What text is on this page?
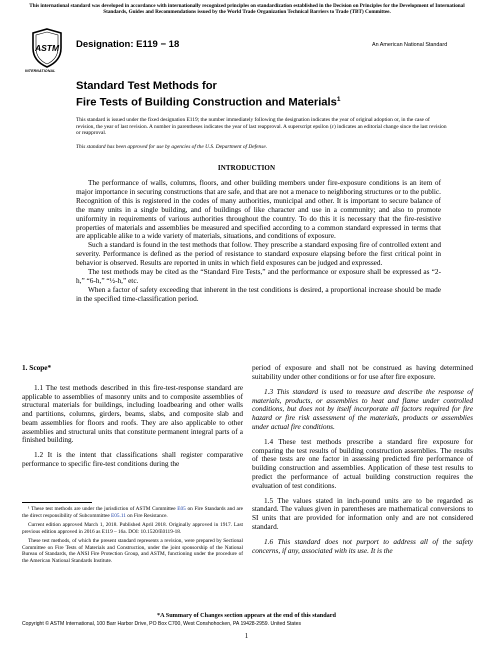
This international standard was developed in accordance with internationally recognized principles on standardization established in the Decision on Principles for the Development of International Standards, Guides and Recommendations issued by the World Trade Organization Technical Barriers to Trade (TBT) Committee.
ASTM
INTERNATIONAL
Designation: E119 − 18	An American National Standard
Standard Test Methods for
Fire Tests of Building Construction and Materials$^1$
This standard is issued under the fixed designation E119; the number immediately following the designation indicates the year of original adoption or, in the case of revision, the year of last revision. A number in parentheses indicates the year of last reapproval. A superscript epsilon (ε) indicates an editorial change since the last revision or reapproval.
This standard has been approved for use by agencies of the U.S. Department of Defense.
INTRODUCTION

The performance of walls, columns, floors, and other building members under fire-exposure conditions is an item of major importance in securing constructions that are safe, and that are not a menace to neighboring structures or to the public. Recognition of this is registered in the codes of many authorities, municipal and other. It is important to secure balance of the many units in a single building, and of buildings of like character and use in a community; and also to promote uniformity in requirements of various authorities throughout the country. To do this it is necessary that the fire-resistive properties of materials and assemblies be measured and specified according to a common standard expressed in terms that are applicable alike to a wide variety of materials, situations, and conditions of exposure.

Such a standard is found in the test methods that follow. They prescribe a standard exposing fire of controlled extent and severity. Performance is defined as the period of resistance to standard exposure elapsing before the first critical point in behavior is observed. Results are reported in units in which field exposures can be judged and expressed.

The test methods may be cited as the “Standard Fire Tests,” and the performance or exposure shall be expressed as “2-h,” “6-h,” “½-h,” etc.

When a factor of safety exceeding that inherent in the test conditions is desired, a proportional increase should be made in the specified time-classification period.

1. Scope*

1.1 The test methods described in this fire-test-response standard are applicable to assemblies of masonry units and to composite assemblies of structural materials for buildings, including loadbearing and other walls and partitions, columns, girders, beams, slabs, and composite slab and beam assemblies for floors and roofs. They are also applicable to other assemblies and structural units that constitute permanent integral parts of a finished building.

1.2 It is the intent that classifications shall register comparative performance to specific fire-test conditions during the

period of exposure and shall not be construed as having determined suitability under other conditions or for use after fire exposure.

1.3 This standard is used to measure and describe the response of materials, products, or assemblies to heat and flame under controlled conditions, but does not by itself incorporate all factors required for fire hazard or fire risk assessment of the materials, products or assemblies under actual fire conditions.

1.4 These test methods prescribe a standard fire exposure for comparing the test results of building construction assemblies. The results of these tests are one factor in assessing predicted fire performance of building construction and assemblies. Application of these test results to predict the performance of actual building construction requires the evaluation of test conditions.

1.5 The values stated in inch-pound units are to be regarded as standard. The values given in parentheses are mathematical conversions to SI units that are provided for information only and are not considered standard.

1.6 This standard does not purport to address all of the safety concerns, if any, associated with its use. It is the

¹ These test methods are under the jurisdiction of ASTM Committee E05 on Fire Standards and are the direct responsibility of Subcommittee E05.11 on Fire Resistance.

Current edition approved March 1, 2018. Published April 2018. Originally approved in 1917. Last previous edition approved in 2016 as E119 – 16a. DOI: 10.1520/E0119-18.

These test methods, of which the present standard represents a revision, were prepared by Sectional Committee on Fire Tests of Materials and Construction, under the joint sponsorship of the National Bureau of Standards, the ANSI Fire Protection Group, and ASTM, functioning under the procedure of the American National Standards Institute.

*A Summary of Changes section appears at the end of this standard
Copyright © ASTM International, 100 Barr Harbor Drive, PO Box C700, West Conshohocken, PA 19428-2959. United States
1
